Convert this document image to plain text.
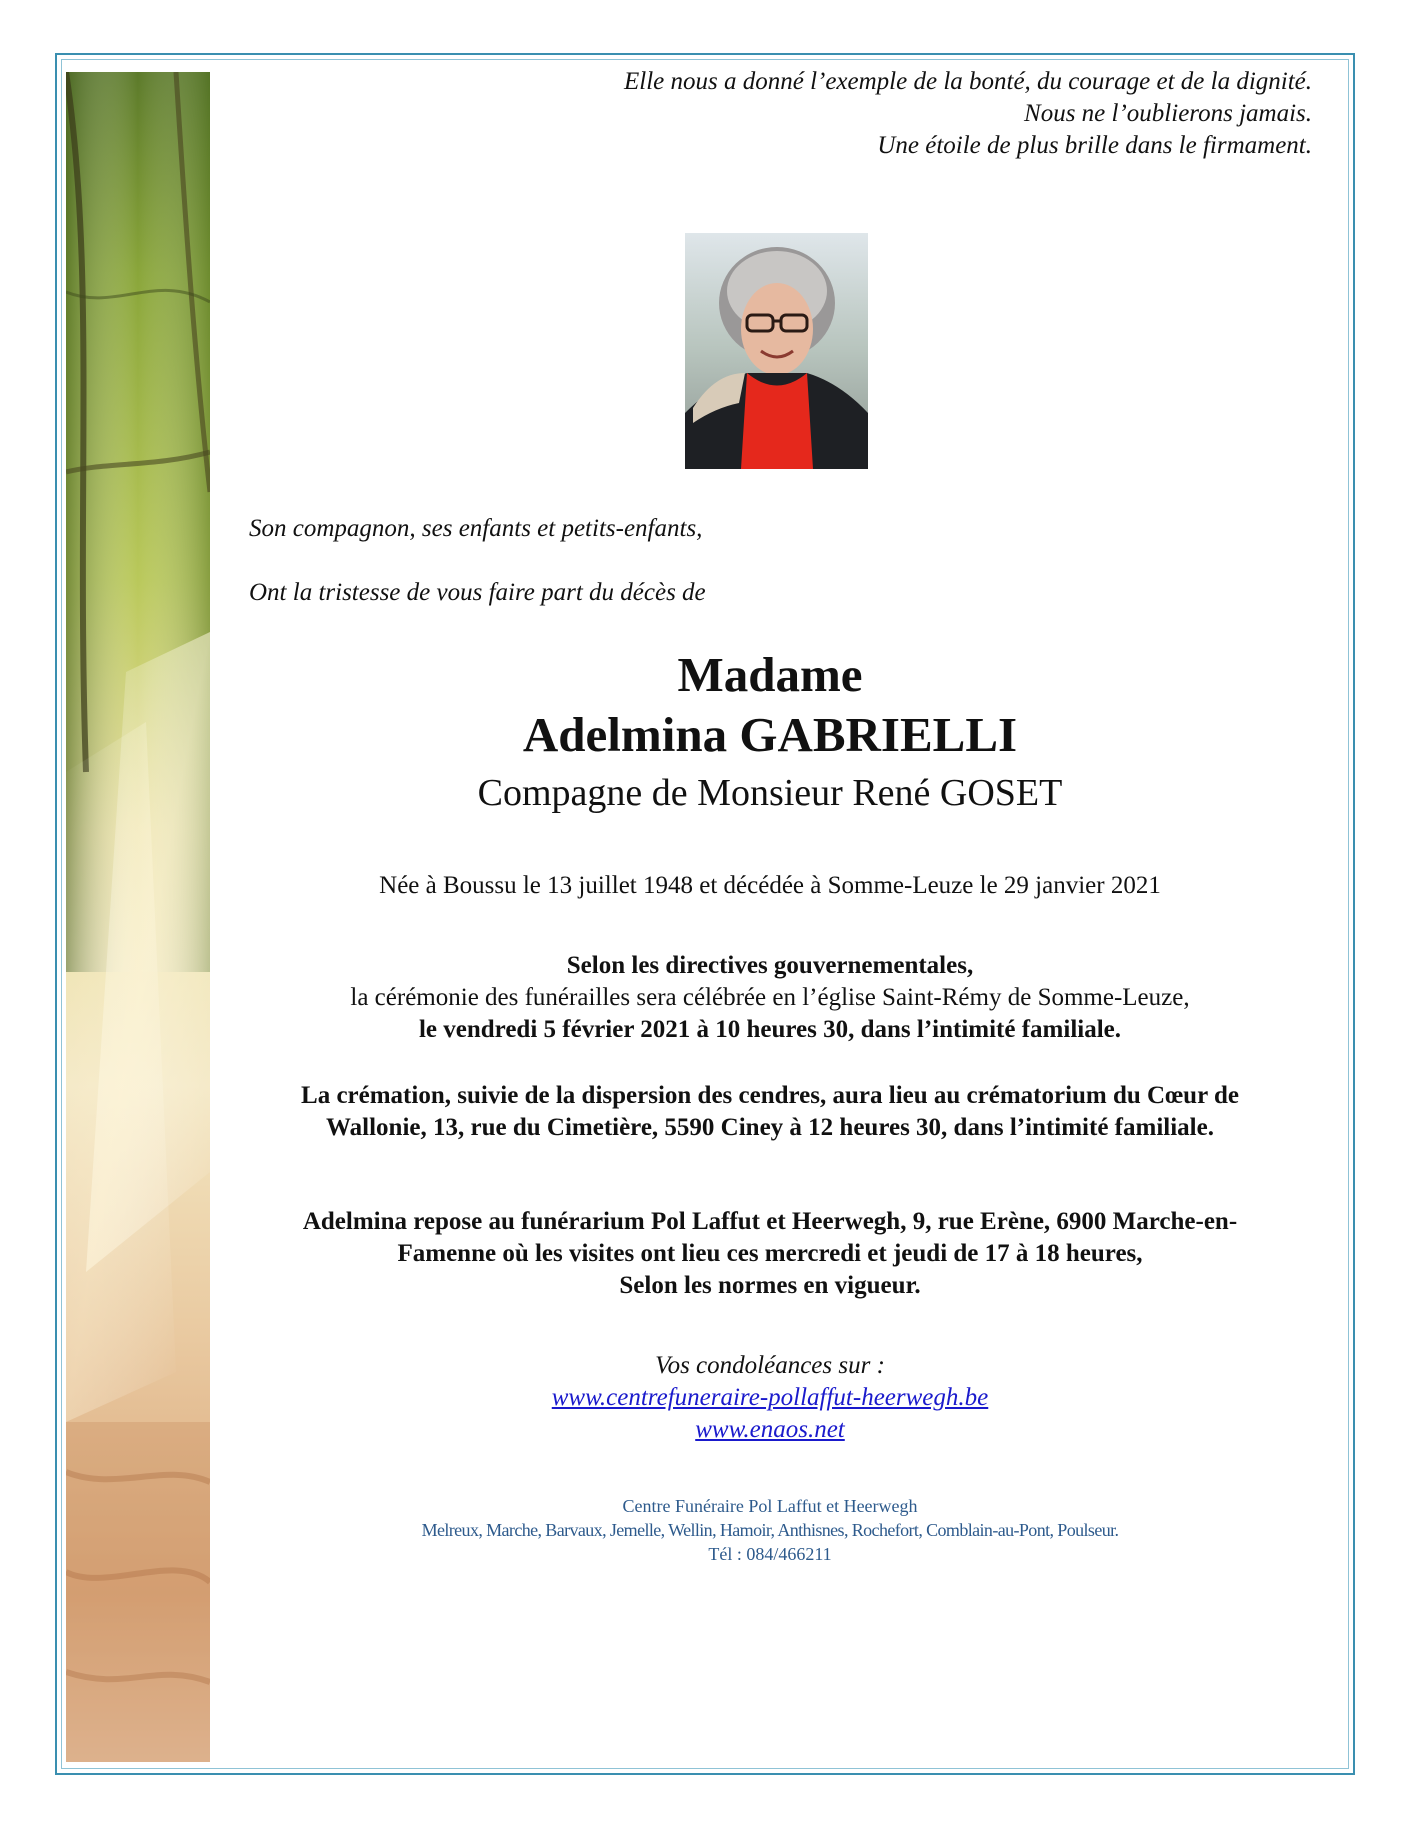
Elle nous a donné l’exemple de la bonté, du courage et de la dignité.
Nous ne l’oublierons jamais.
Une étoile de plus brille dans le firmament.
Son compagnon, ses enfants et petits-enfants,
Ont la tristesse de vous faire part du décès de
Madame
Adelmina GABRIELLI
Compagne de Monsieur René GOSET
Née à Boussu le 13 juillet 1948 et décédée à Somme-Leuze le 29 janvier 2021
Selon les directives gouvernementales,
la cérémonie des funérailles sera célébrée en l’église Saint-Rémy de Somme-Leuze,
le vendredi 5 février 2021 à 10 heures 30, dans l’intimité familiale.
La crémation, suivie de la dispersion des cendres, aura lieu au crématorium du Cœur de
Wallonie, 13, rue du Cimetière, 5590 Ciney à 12 heures 30, dans l’intimité familiale.
Adelmina repose au funérarium Pol Laffut et Heerwegh, 9, rue Erène, 6900 Marche-en-
Famenne où les visites ont lieu ces mercredi et jeudi de 17 à 18 heures,
Selon les normes en vigueur.
Vos condoléances sur :
www.centrefuneraire-pollaffut-heerwegh.be
www.enaos.net
Centre Funéraire Pol Laffut et Heerwegh
Melreux, Marche, Barvaux, Jemelle, Wellin, Hamoir, Anthisnes, Rochefort, Comblain-au-Pont, Poulseur.
Tél : 084/466211
